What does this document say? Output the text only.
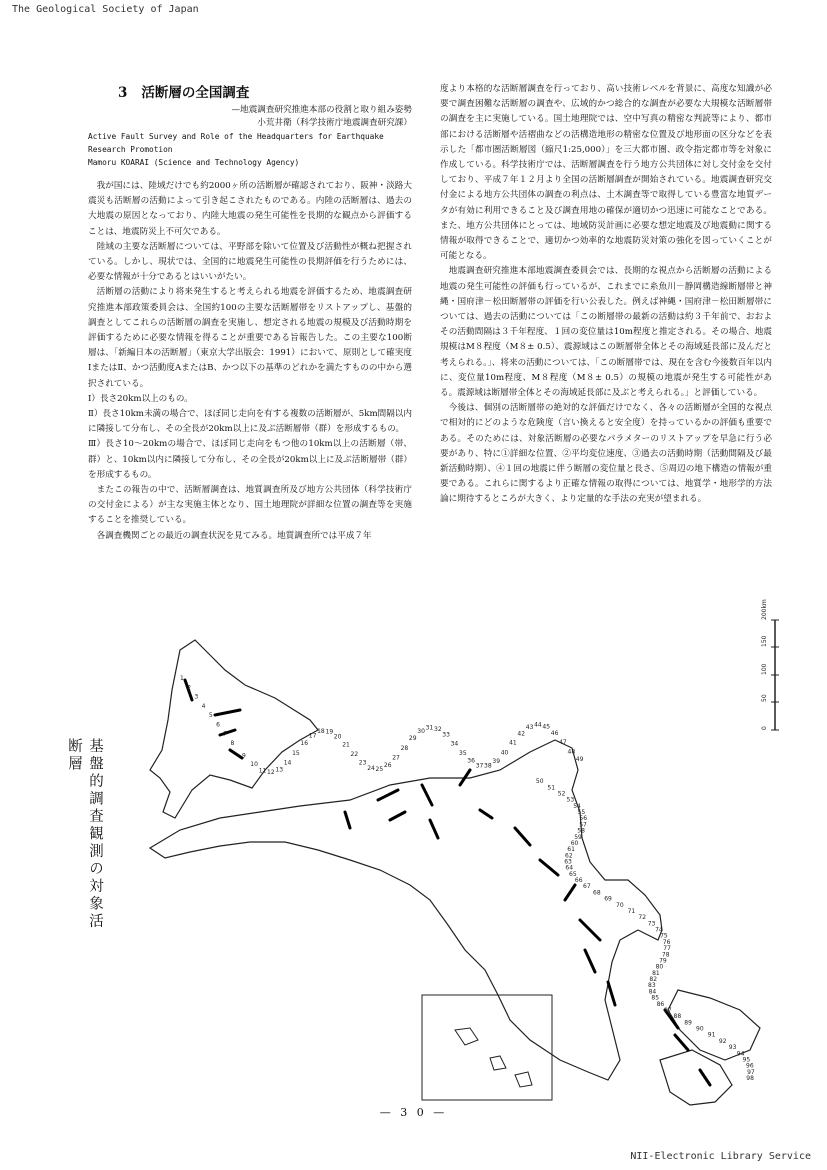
The Geological Society of Japan
3 活断層の全国調査

—地震調査研究推進本部の役割と取り組み姿勢

小荒井衛（科学技術庁地震調査研究課）

Active Fault Survey and Role of the Headquarters for Earthquake Research Promotion

Mamoru KOARAI (Science and Technology Agency)

我が国には、陸域だけでも約2000ヶ所の活断層が確認されており、阪神・淡路大震災も活断層の活動によって引き起こされたものである。内陸の活断層は、過去の大地震の原因となっており、内陸大地震の発生可能性を長期的な観点から評価することは、地震防災上不可欠である。

陸域の主要な活断層については、平野部を除いて位置及び活動性が概ね把握されている。しかし、現状では、全国的に地震発生可能性の長期評価を行うためには、必要な情報が十分であるとはいいがたい。

活断層の活動により将来発生すると考えられる地震を評価するため、地震調査研究推進本部政策委員会は、全国約100の主要な活断層帯をリストアップし、基盤的調査としてこれらの活断層の調査を実施し、想定される地震の規模及び活動時期を評価するために必要な情報を得ることが重要である旨報告した。この主要な100断層は、「新編日本の活断層」（東京大学出版会：1991）において、原則として確実度ⅠまたはⅡ、かつ活動度AまたはB、かつ以下の基準のどれかを満たすものの中から選択されている。

Ⅰ）長さ20km以上のもの。

Ⅱ）長さ10km未満の場合で、ほぼ同じ走向を有する複数の活断層が、5km間隔以内に隣接して分布し、その全長が20km以上に及ぶ活断層帯（群）を形成するもの。

Ⅲ）長さ10～20kmの場合で、ほぼ同じ走向をもつ他の10km以上の活断層（帯、群）と、10km以内に隣接して分布し、その全長が20km以上に及ぶ活断層帯（群）を形成するもの。

またこの報告の中で、活断層調査は、地質調査所及び地方公共団体（科学技術庁の交付金による）が主な実施主体となり、国土地理院が詳細な位置の調査等を実施することを推奨している。

各調査機関ごとの最近の調査状況を見てみる。地質調査所では平成７年

度より本格的な活断層調査を行っており、高い技術レベルを背景に、高度な知識が必要で調査困難な活断層の調査や、広域的かつ総合的な調査が必要な大規模な活断層帯の調査を主に実施している。国土地理院では、空中写真の精密な判読等により、都市部における活断層や活褶曲などの活構造地形の精密な位置及び地形面の区分などを表示した「都市圏活断層図（縮尺1:25,000）」を三大都市圏、政令指定都市等を対象に作成している。科学技術庁では、活断層調査を行う地方公共団体に対し交付金を交付しており、平成７年１２月より全国の活断層調査が開始されている。地震調査研究交付金による地方公共団体の調査の利点は、土木調査等で取得している豊富な地質データが有効に利用できること及び調査用地の確保が適切かつ迅速に可能なことである。また、地方公共団体にとっては、地域防災計画に必要な想定地震及び地震動に関する情報が取得できることで、適切かつ効率的な地震防災対策の強化を図っていくことが可能となる。

地震調査研究推進本部地震調査委員会では、長期的な視点から活断層の活動による地震の発生可能性の評価も行っているが、これまでに糸魚川－静岡構造線断層帯と神縄・国府津－松田断層帯の評価を行い公表した。例えば神縄・国府津－松田断層帯については、過去の活動については「この断層帯の最新の活動は約３千年前で、おおよその活動間隔は３千年程度、１回の変位量は10m程度と推定される。その場合、地震規模はM８程度（M８± 0.5）、震源域はこの断層帯全体とその海域延長部に及んだと考えられる。」、将来の活動については、「この断層帯では、現在を含む今後数百年以内に、変位量10m程度、M８程度（M８± 0.5）の規模の地震が発生する可能性がある。震源域は断層帯全体とその海域延長部に及ぶと考えられる。」と評価している。

今後は、個別の活断層帯の絶対的な評価だけでなく、各々の活断層が全国的な視点で相対的にどのような危険度（言い換えると安全度）を持っているかの評価も重要である。そのためには、対象活断層の必要なパラメターのリストアップを早急に行う必要があり、特に①詳細な位置、②平均変位速度、③過去の活動時期（活動間隔及び最新活動時期）、④１回の地震に伴う断層の変位量と長さ、⑤周辺の地下構造の情報が重要である。これらに関するより正確な情報の取得については、地質学・地形学的方法論に期待するところが大きく、より定量的な手法の充実が望まれる。

基盤的調査観測の対象活断層
0
50
100
150
200km
1
2
3
4
5
6
7
8
9
10
11 12 13
14
15
16
17
18 19
20
21
22
23
24 25
26
27
28
29
30 31 32
33
34
35
36
37 38
39
40
41
42
43 44 45
46
47
48
49
50
51
52
53
54
55
56
57
58
59
60
61
62
63
64
65
66
67
68
69
70
71
72
73
74
75
76
77
78
79
80
81
82
83
84
85
86
87
88
89
90
91
92
93
94
95
96
97
98
— 3 0 —
NII-Electronic Library Service
